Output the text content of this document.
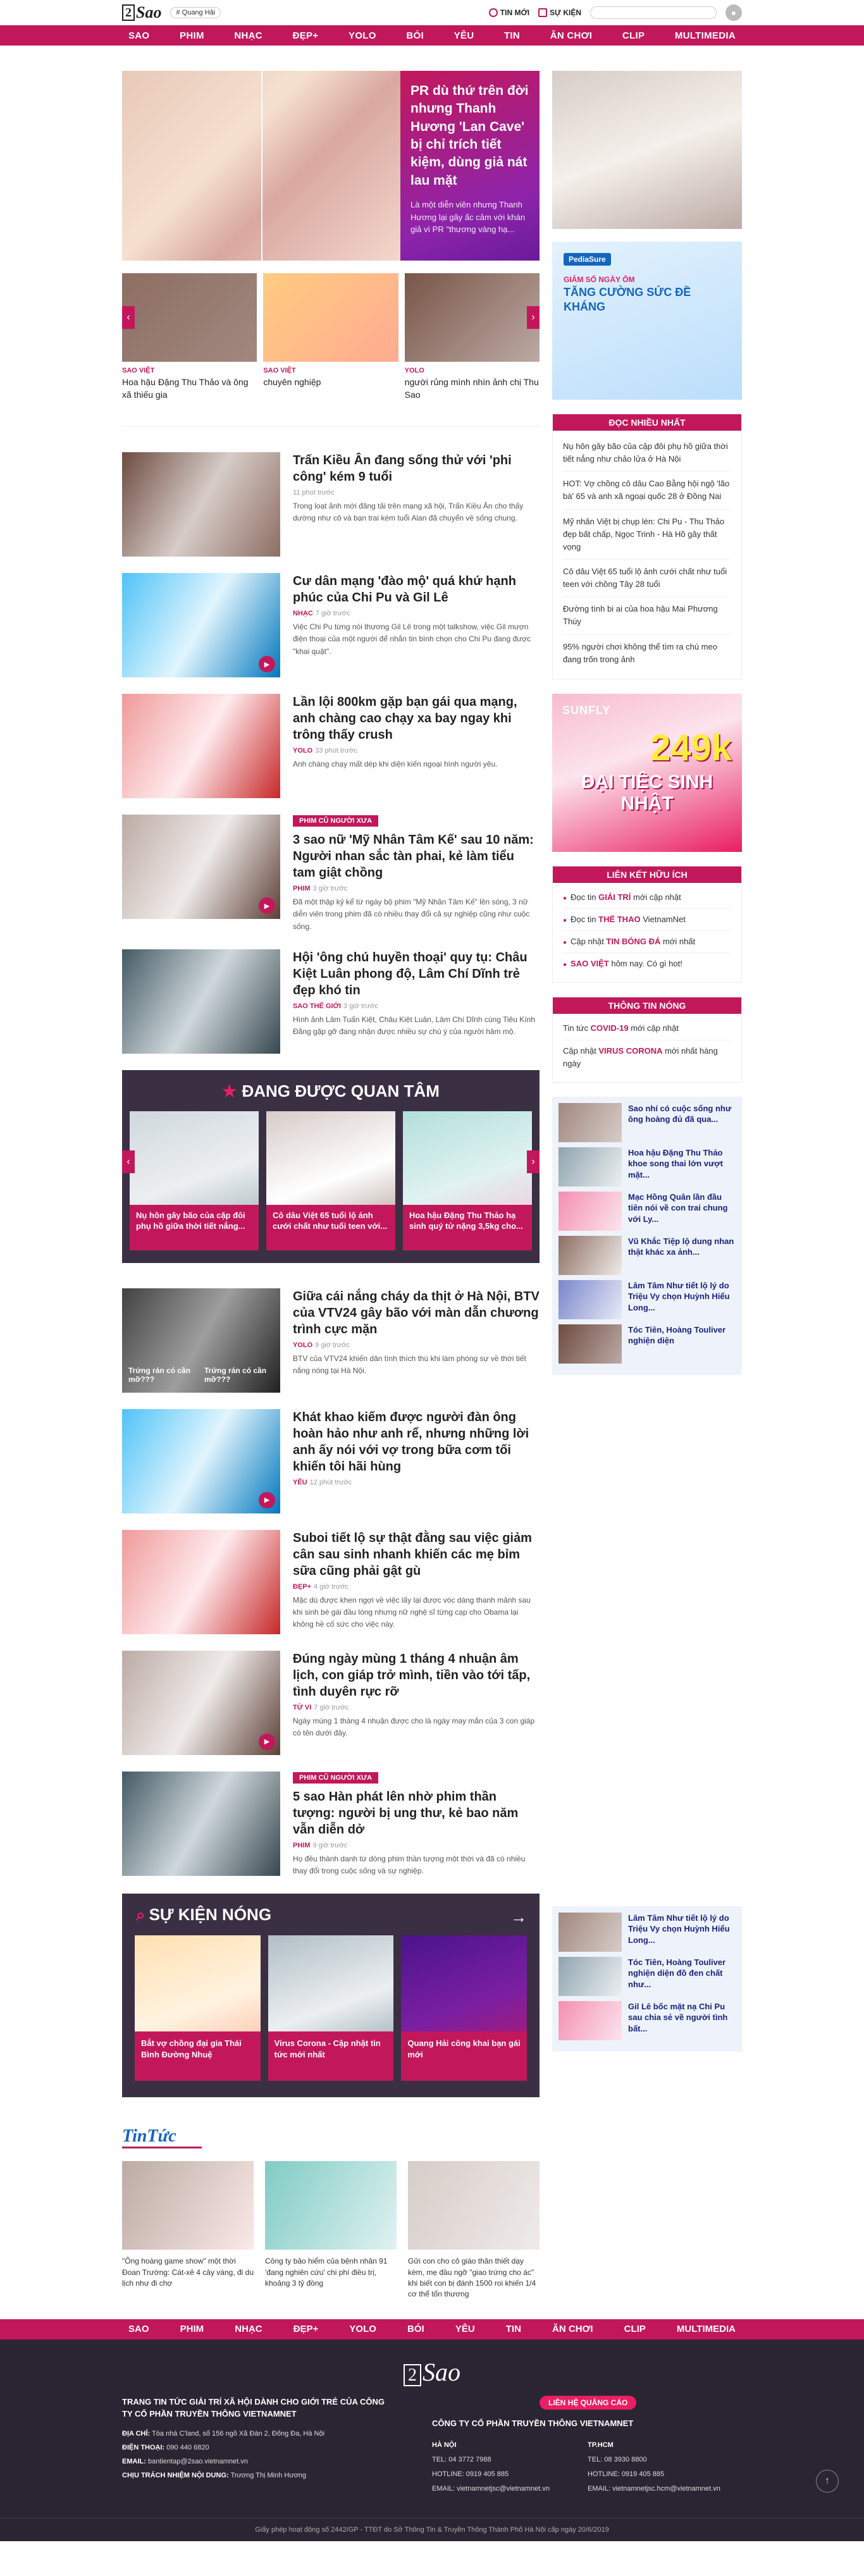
2 Sao	# Quang Hải	TIN MỚI	SỰ KIỆN	●
SAO	PHIM	NHẠC	ĐẸP+	YOLO	BÓI	YÊU	TIN	ĂN CHƠI	CLIP	MULTIMEDIA
PR dù thứ trên đời nhưng Thanh Hương 'Lan Cave' bị chỉ trích tiết kiệm, dùng giả nát lau mặt

Là một diễn viên nhưng Thanh Hương lại gây ấc cảm với khán giả vì PR "thương vàng hạ...

SAO VIỆT
Hoa hậu Đặng Thu Thảo và ông xã thiếu gia
SAO VIỆT
chuyên nghiệp
YOLO
người rủng mình nhìn ảnh chị Thu Sao
‹	›
Trấn Kiều Ân đang sống thử với 'phi công' kém 9 tuổi
11 phút trước

Trong loạt ảnh mới đăng tải trên mạng xã hội, Trấn Kiều Ân cho thấy dường như cô và bạn trai kém tuổi Alan đã chuyển về sống chung.

▶
Cư dân mạng 'đào mộ' quá khứ hạnh phúc của Chi Pu và Gil Lê
NHẠC 7 giờ trước

Việc Chi Pu từng nói thương Gil Lê trong một talkshow, việc Gil mượn điện thoại của một người để nhắn tin bình chọn cho Chi Pu đang được "khai quật".

Lần lội 800km gặp bạn gái qua mạng, anh chàng cao chạy xa bay ngay khi trông thấy crush
YOLO 33 phút trước

Anh chàng chạy mất dép khi diện kiến ngoại hình người yêu.

▶
PHIM CŨ NGƯỜI XƯA
3 sao nữ 'Mỹ Nhân Tâm Kế' sau 10 năm: Người nhan sắc tàn phai, kẻ làm tiểu tam giật chồng
PHIM 3 giờ trước

Đã một thập kỷ kể từ ngày bộ phim "Mỹ Nhân Tâm Kế" lên sóng, 3 nữ diễn viên trong phim đã có nhiều thay đổi cả sự nghiệp cũng như cuộc sống.

Hội 'ông chú huyền thoại' quy tụ: Châu Kiệt Luân phong độ, Lâm Chí Dĩnh trẻ đẹp khó tin
SAO THẾ GIỚI 3 giờ trước

Hình ảnh Lâm Tuấn Kiệt, Châu Kiệt Luân, Lâm Chí Dĩnh cùng Tiêu Kính Đằng gặp gỡ đang nhận được nhiều sự chú ý của người hâm mộ.

★ ĐANG ĐƯỢC QUAN TÂM
Nụ hôn gây bão của cặp đôi phụ hồ giữa thời tiết nắng...
Cô dâu Việt 65 tuổi lộ ảnh cưới chất như tuổi teen với...
Hoa hậu Đặng Thu Thảo hạ sinh quý tử nặng 3,5kg cho...
‹	›
Trứng rán có cần mỡ???
Trứng rán có cần mỡ???
Giữa cái nắng cháy da thịt ở Hà Nội, BTV của VTV24 gây bão với màn dẫn chương trình cực mặn
YOLO 9 giờ trước

BTV của VTV24 khiến dân tình thích thú khi làm phóng sự về thời tiết nắng nóng tại Hà Nội.

▶
Khát khao kiếm được người đàn ông hoàn hảo như anh rể, nhưng những lời anh ấy nói với vợ trong bữa cơm tối khiến tôi hãi hùng
YÊU 12 phút trước
Suboi tiết lộ sự thật đằng sau việc giảm cân sau sinh nhanh khiến các mẹ bỉm sữa cũng phải gật gù
ĐẸP+ 4 giờ trước

Mặc dù được khen ngợi về việc lấy lại được vóc dáng thanh mảnh sau khi sinh bé gái đầu lòng nhưng nữ nghệ sĩ từng cạp cho Obama lại không hề cố sức cho việc này.

▶
Đúng ngày mùng 1 tháng 4 nhuận âm lịch, con giáp trở mình, tiền vào tới tấp, tình duyên rực rỡ
TỬ VI 7 giờ trước

Ngày mùng 1 tháng 4 nhuận được cho là ngày may mắn của 3 con giáp có tên dưới đây.

PHIM CŨ NGƯỜI XƯA
5 sao Hàn phát lên nhờ phim thần tượng: người bị ung thư, kẻ bao năm vẫn diễn dở
PHIM 9 giờ trước

Họ đều thành danh từ dòng phim thần tượng một thời và đã có nhiều thay đổi trong cuộc sống và sự nghiệp.

⌕ SỰ KIỆN NÓNG	→
Bắt vợ chồng đại gia Thái Bình Đường Nhuệ
Virus Corona - Cập nhật tin tức mới nhất
Quang Hải công khai bạn gái mới
TinTức

"Ông hoàng game show" một thời Đoan Trường: Cát-xê 4 cây vàng, đi du lịch như đi chợ

Công ty bảo hiểm của bệnh nhân 91 'đang nghiên cứu' chi phí điều trị, khoảng 3 tỷ đồng

Gửi con cho cô giáo thân thiết dạy kèm, mẹ đầu ngỡ "giao trứng cho ác" khi biết con bị đánh 1500 roi khiến 1/4 cơ thể tổn thương

PediaSure
GIẢM SỐ NGÀY ỐM
TĂNG CƯỜNG SỨC ĐỀ KHÁNG
ĐỌC NHIỀU NHẤT
Nụ hôn gây bão của cặp đôi phụ hồ giữa thời tiết nắng như chảo lửa ở Hà Nội
HOT: Vợ chồng cô dâu Cao Bằng hội ngộ 'lão bà' 65 và anh xã ngoại quốc 28 ở Đồng Nai
Mỹ nhân Việt bị chụp lén: Chi Pu - Thu Thảo đẹp bất chấp, Ngọc Trinh - Hà Hồ gây thất vọng
Cô dâu Việt 65 tuổi lộ ảnh cưới chất như tuổi teen với chồng Tây 28 tuổi
Đường tình bi ai của hoa hậu Mai Phương Thúy
95% người chơi không thể tìm ra chú meo đang trốn trong ảnh
SUNFLY
249k
ĐẠI TIỆC SINH NHẬT
LIÊN KẾT HỮU ÍCH
● Đọc tin GIẢI TRÍ mới cập nhật
● Đọc tin THỂ THAO VietnamNet
● Cập nhật TIN BÓNG ĐÁ mới nhất
● SAO VIỆT hôm nay. Có gì hot!
THÔNG TIN NÓNG
Tin tức COVID-19 mới cập nhật
Cập nhật VIRUS CORONA mới nhất hàng ngày

Sao nhí có cuộc sống như ông hoàng đủ đã qua...

Hoa hậu Đặng Thu Thảo khoe song thai lớn vượt mặt...

Mạc Hồng Quân lần đầu tiên nói về con trai chung với Ly...

Vũ Khắc Tiệp lộ dung nhan thật khác xa ảnh...

Lâm Tâm Như tiết lộ lý do Triệu Vy chọn Huỳnh Hiểu Long...

Tóc Tiên, Hoàng Touliver nghiện diện

Lâm Tâm Như tiết lộ lý do Triệu Vy chọn Huỳnh Hiểu Long...

Tóc Tiên, Hoàng Touliver nghiện diện đồ đen chất như...

Gil Lê bốc mặt nạ Chi Pu sau chia sẻ về người tình bất...

SAO	PHIM	NHẠC	ĐẸP+	YOLO	BÓI	YÊU	TIN	ĂN CHƠI	CLIP	MULTIMEDIA
2 Sao
TRANG TIN TỨC GIẢI TRÍ XÃ HỘI DÀNH CHO GIỚI TRẺ CỦA CÔNG TY CỔ PHẦN TRUYỀN THÔNG VIETNAMNET
ĐỊA CHỈ: Tòa nhà C'land, số 156 ngõ Xã Đàn 2, Đống Đa, Hà Nội
ĐIỆN THOẠI: 090 440 6820
EMAIL: bantientap@2sao.vietnamnet.vn
CHỊU TRÁCH NHIỆM NỘI DUNG: Trương Thị Minh Hương
LIÊN HỆ QUẢNG CÁO
CÔNG TY CỔ PHẦN TRUYỀN THÔNG VIETNAMNET
HÀ NỘI
TEL: 04 3772 7988
HOTLINE: 0919 405 885
EMAIL: vietnamnetjsc@vietnamnet.vn
TP.HCM
TEL: 08 3930 8800
HOTLINE: 0919 405 885
EMAIL: vietnamnetjsc.hcm@vietnamnet.vn
↑
Giấy phép hoạt động số 2442/GP - TTĐT do Sở Thông Tin & Truyền Thông Thành Phố Hà Nội cấp ngày 20/6/2019
